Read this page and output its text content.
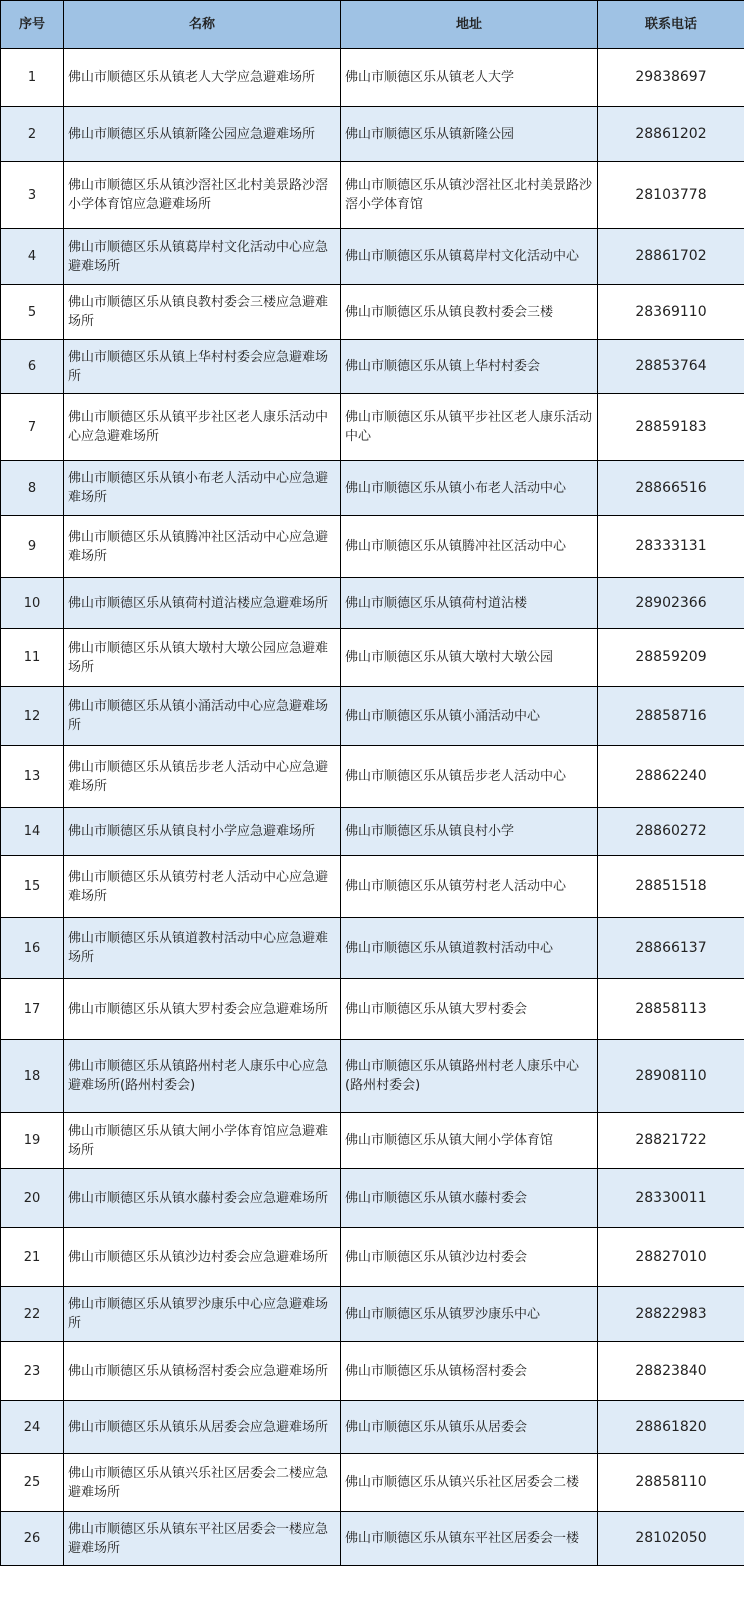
序号	名称	地址	联系电话
1	佛山市顺德区乐从镇老人大学应急避难场所	佛山市顺德区乐从镇老人大学	29838697
2	佛山市顺德区乐从镇新隆公园应急避难场所	佛山市顺德区乐从镇新隆公园	28861202
3	佛山市顺德区乐从镇沙滘社区北村美景路沙滘小学体育馆应急避难场所	佛山市顺德区乐从镇沙滘社区北村美景路沙滘小学体育馆	28103778
4	佛山市顺德区乐从镇葛岸村文化活动中心应急避难场所	佛山市顺德区乐从镇葛岸村文化活动中心	28861702
5	佛山市顺德区乐从镇良教村委会三楼应急避难场所	佛山市顺德区乐从镇良教村委会三楼	28369110
6	佛山市顺德区乐从镇上华村村委会应急避难场所	佛山市顺德区乐从镇上华村村委会	28853764
7	佛山市顺德区乐从镇平步社区老人康乐活动中心应急避难场所	佛山市顺德区乐从镇平步社区老人康乐活动中心	28859183
8	佛山市顺德区乐从镇小布老人活动中心应急避难场所	佛山市顺德区乐从镇小布老人活动中心	28866516
9	佛山市顺德区乐从镇腾冲社区活动中心应急避难场所	佛山市顺德区乐从镇腾冲社区活动中心	28333131
10	佛山市顺德区乐从镇荷村道沾楼应急避难场所	佛山市顺德区乐从镇荷村道沾楼	28902366
11	佛山市顺德区乐从镇大墩村大墩公园应急避难场所	佛山市顺德区乐从镇大墩村大墩公园	28859209
12	佛山市顺德区乐从镇小涌活动中心应急避难场所	佛山市顺德区乐从镇小涌活动中心	28858716
13	佛山市顺德区乐从镇岳步老人活动中心应急避难场所	佛山市顺德区乐从镇岳步老人活动中心	28862240
14	佛山市顺德区乐从镇良村小学应急避难场所	佛山市顺德区乐从镇良村小学	28860272
15	佛山市顺德区乐从镇劳村老人活动中心应急避难场所	佛山市顺德区乐从镇劳村老人活动中心	28851518
16	佛山市顺德区乐从镇道教村活动中心应急避难场所	佛山市顺德区乐从镇道教村活动中心	28866137
17	佛山市顺德区乐从镇大罗村委会应急避难场所	佛山市顺德区乐从镇大罗村委会	28858113
18	佛山市顺德区乐从镇路州村老人康乐中心应急避难场所(路州村委会)	佛山市顺德区乐从镇路州村老人康乐中心(路州村委会)	28908110
19	佛山市顺德区乐从镇大闸小学体育馆应急避难场所	佛山市顺德区乐从镇大闸小学体育馆	28821722
20	佛山市顺德区乐从镇水藤村委会应急避难场所	佛山市顺德区乐从镇水藤村委会	28330011
21	佛山市顺德区乐从镇沙边村委会应急避难场所	佛山市顺德区乐从镇沙边村委会	28827010
22	佛山市顺德区乐从镇罗沙康乐中心应急避难场所	佛山市顺德区乐从镇罗沙康乐中心	28822983
23	佛山市顺德区乐从镇杨滘村委会应急避难场所	佛山市顺德区乐从镇杨滘村委会	28823840
24	佛山市顺德区乐从镇乐从居委会应急避难场所	佛山市顺德区乐从镇乐从居委会	28861820
25	佛山市顺德区乐从镇兴乐社区居委会二楼应急避难场所	佛山市顺德区乐从镇兴乐社区居委会二楼	28858110
26	佛山市顺德区乐从镇东平社区居委会一楼应急避难场所	佛山市顺德区乐从镇东平社区居委会一楼	28102050
